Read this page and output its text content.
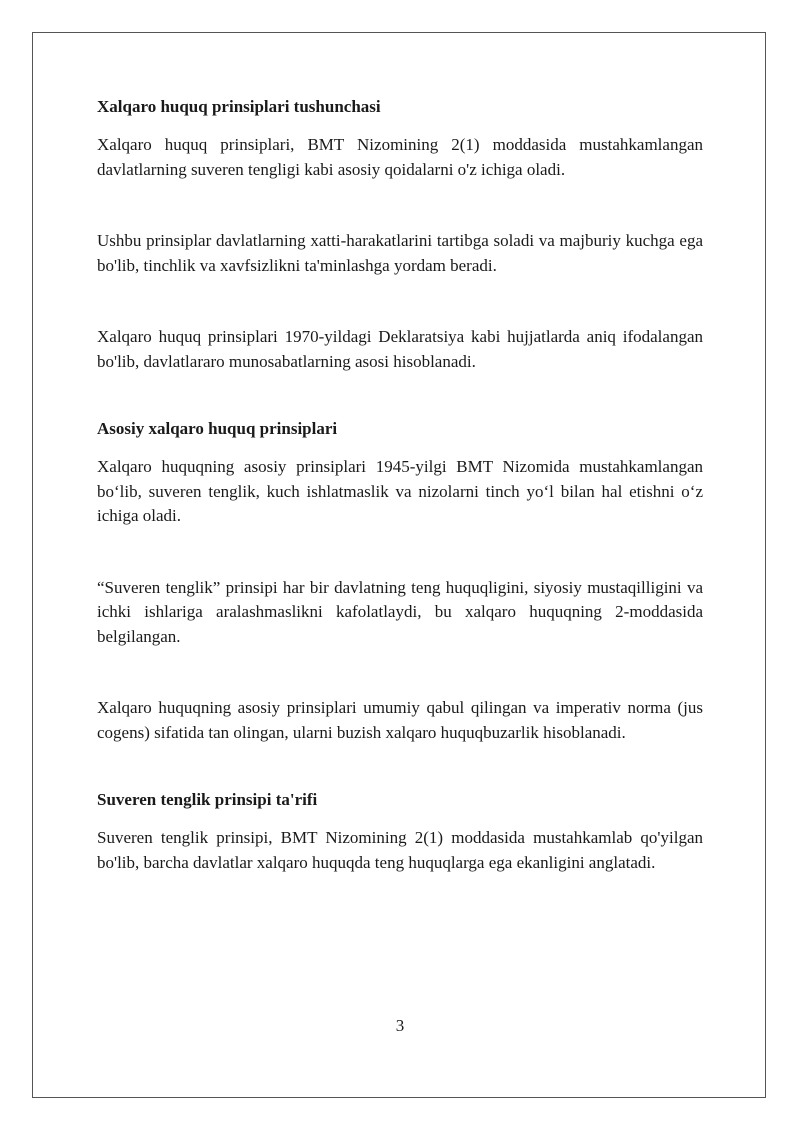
Xalqaro huquq prinsiplari tushunchasi

Xalqaro huquq prinsiplari, BMT Nizomining 2(1) moddasida mustahkamlangan davlatlarning suveren tengligi kabi asosiy qoidalarni o'z ichiga oladi.

Ushbu prinsiplar davlatlarning xatti-harakatlarini tartibga soladi va majburiy kuchga ega bo'lib, tinchlik va xavfsizlikni ta'minlashga yordam beradi.

Xalqaro huquq prinsiplari 1970-yildagi Deklaratsiya kabi hujjatlarda aniq ifodalangan bo'lib, davlatlararo munosabatlarning asosi hisoblanadi.

Asosiy xalqaro huquq prinsiplari

Xalqaro huquqning asosiy prinsiplari 1945-yilgi BMT Nizomida mustahkamlangan bo‘lib, suveren tenglik, kuch ishlatmaslik va nizolarni tinch yo‘l bilan hal etishni o‘z ichiga oladi.

“Suveren tenglik” prinsipi har bir davlatning teng huquqligini, siyosiy mustaqilligini va ichki ishlariga aralashmaslikni kafolatlaydi, bu xalqaro huquqning 2-moddasida belgilangan.

Xalqaro huquqning asosiy prinsiplari umumiy qabul qilingan va imperativ norma (jus cogens) sifatida tan olingan, ularni buzish xalqaro huquqbuzarlik hisoblanadi.

Suveren tenglik prinsipi ta'rifi

Suveren tenglik prinsipi, BMT Nizomining 2(1) moddasida mustahkamlab qo'yilgan bo'lib, barcha davlatlar xalqaro huquqda teng huquqlarga ega ekanligini anglatadi.

3
